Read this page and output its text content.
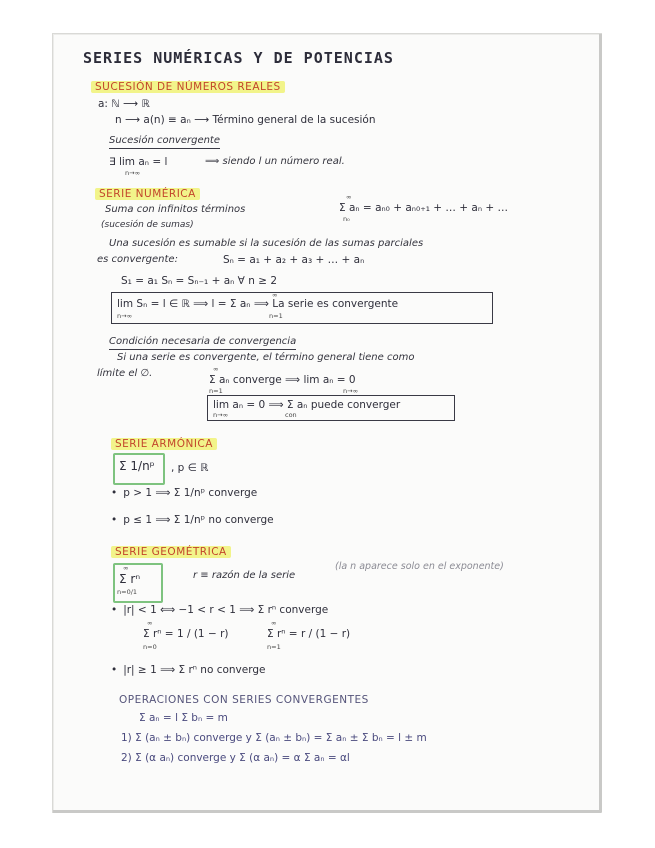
SERIES NUMÉRICAS Y DE POTENCIAS
SUCESIÓN DE NÚMEROS REALES
a: ℕ ⟶ ℝ
n ⟶ a(n) ≡ aₙ ⟶ Término general de la sucesión
Sucesión convergente
∃ lim aₙ = l
n→∞
⟹ siendo l un número real.
SERIE NUMÉRICA
Suma con infinitos términos
∞
Σ aₙ = aₙ₀ + aₙ₀₊₁ + … + aₙ + …
n₀
(sucesión de sumas)
Una sucesión es sumable si la sucesión de las sumas parciales
es convergente:	Sₙ = a₁ + a₂ + a₃ + … + aₙ
S₁ = a₁ Sₙ = Sₙ₋₁ + aₙ ∀ n ≥ 2
lim Sₙ = l ∈ ℝ ⟹ l = Σ aₙ ⟹ La serie es convergente
n→∞
∞
n=1
Condición necesaria de convergencia
Si una serie es convergente, el término general tiene como
límite el ∅.	∞
Σ aₙ converge ⟹ lim aₙ = 0
n=1	n→∞
lim aₙ = 0 ⟹ Σ aₙ puede converger
n→∞	con
SERIE ARMÓNICA
Σ 1/nᵖ , p ∈ ℝ
• p > 1 ⟹ Σ 1/nᵖ converge
• p ≤ 1 ⟹ Σ 1/nᵖ no converge
SERIE GEOMÉTRICA
∞
Σ rⁿ
n=0/1
r ≡ razón de la serie
(la n aparece solo en el exponente)
• |r| < 1 ⟺ −1 < r < 1 ⟹ Σ rⁿ converge
∞
Σ rⁿ = 1 / (1 − r)
n=0
∞
Σ rⁿ = r / (1 − r)
n=1
• |r| ≥ 1 ⟹ Σ rⁿ no converge
OPERACIONES CON SERIES CONVERGENTES
Σ aₙ = l Σ bₙ = m
1) Σ (aₙ ± bₙ) converge y Σ (aₙ ± bₙ) = Σ aₙ ± Σ bₙ = l ± m
2) Σ (α aₙ) converge y Σ (α aₙ) = α Σ aₙ = αl
